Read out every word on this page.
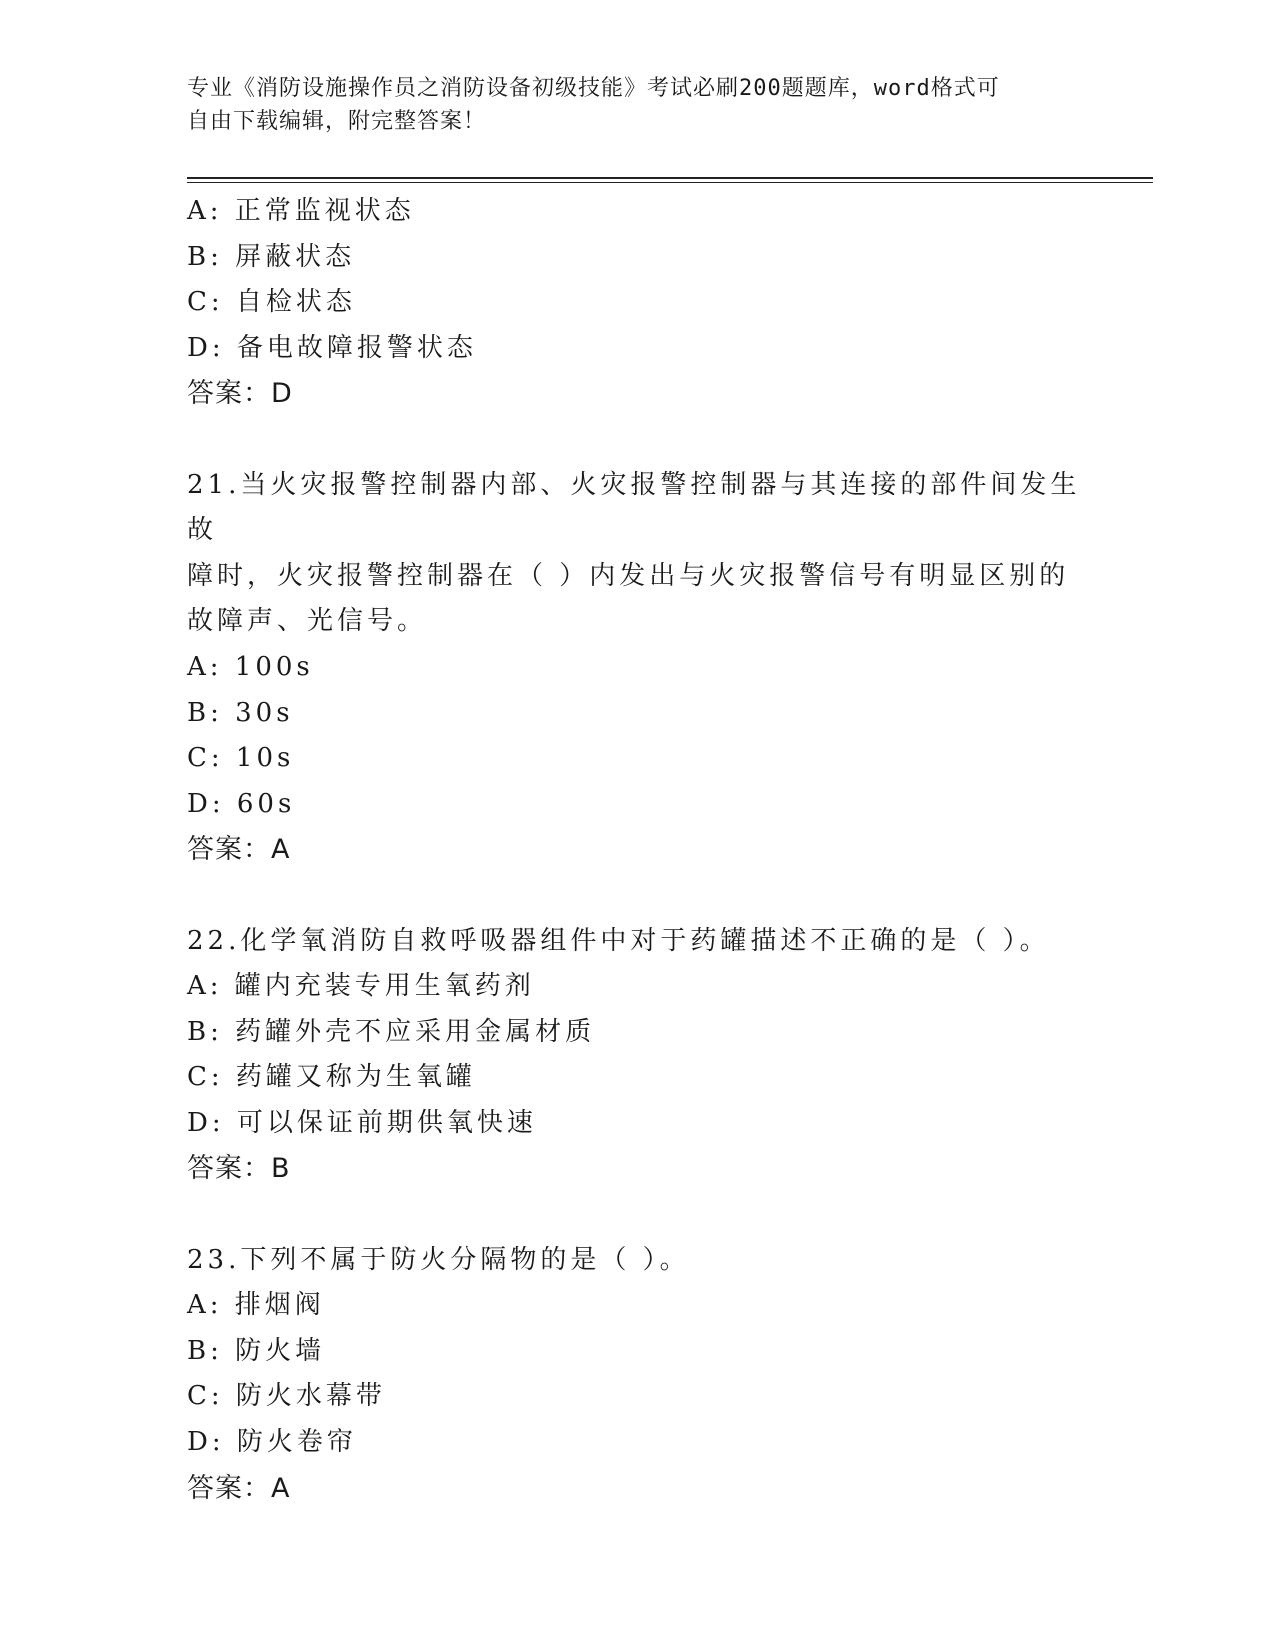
专业《消防设施操作员之消防设备初级技能》考试必刷200题题库，word格式可
自由下载编辑，附完整答案！
A: 正常监视状态
B: 屏蔽状态
C: 自检状态
D: 备电故障报警状态
答案：D
21.当火灾报警控制器内部、火灾报警控制器与其连接的部件间发生故
障时，火灾报警控制器在（ ）内发出与火灾报警信号有明显区别的
故障声、光信号。
A: 100s
B: 30s
C: 10s
D: 60s
答案：A
22.化学氧消防自救呼吸器组件中对于药罐描述不正确的是（ ）。
A: 罐内充装专用生氧药剂
B: 药罐外壳不应采用金属材质
C: 药罐又称为生氧罐
D: 可以保证前期供氧快速
答案：B
23.下列不属于防火分隔物的是（ ）。
A: 排烟阀
B: 防火墙
C: 防火水幕带
D: 防火卷帘
答案：A
